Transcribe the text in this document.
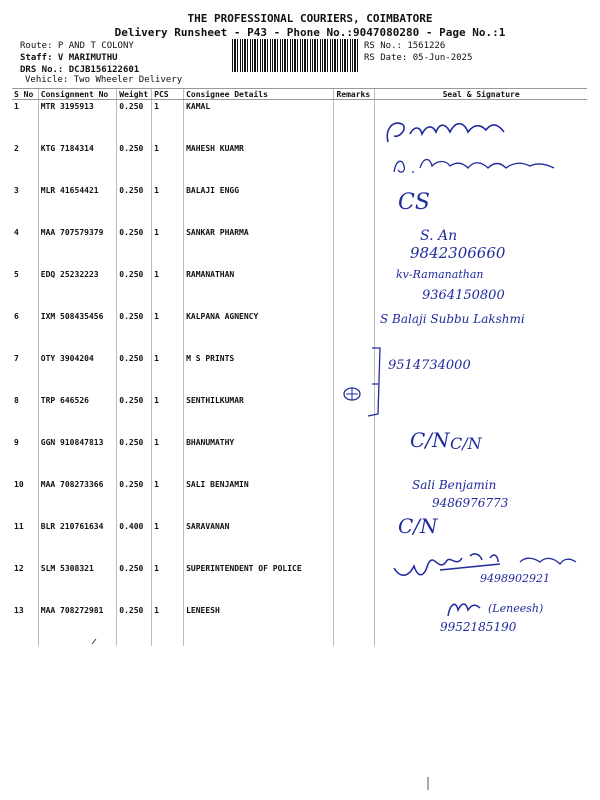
THE PROFESSIONAL COURIERS, COIMBATORE
Delivery Runsheet - P43 - Phone No.:9047080280 - Page No.:1
Route: P AND T COLONY
Staff: V MARIMUTHU
DRS No.: DCJB156122601
Vehicle: Two Wheeler Delivery
RS No.: 1561226
RS Date: 05-Jun-2025
S No	Consignment No	Weight	PCS	Consignee Details	Remarks	Seal & Signature
1	MTR 3195913	0.250	1	KAMAL		
2	KTG 7184314	0.250	1	MAHESH KUAMR		
3	MLR 41654421	0.250	1	BALAJI ENGG		
4	MAA 707579379	0.250	1	SANKAR PHARMA		
5	EDQ 25232223	0.250	1	RAMANATHAN		
6	IXM 508435456	0.250	1	KALPANA AGNENCY		
7	OTY 3904204	0.250	1	M S PRINTS		
8	TRP 646526	0.250	1	SENTHILKUMAR		
9	GGN 910847813	0.250	1	BHANUMATHY		
10	MAA 708273366	0.250	1	SALI BENJAMIN		
11	BLR 210761634	0.400	1	SARAVANAN		
12	SLM 5308321	0.250	1	SUPERINTENDENT OF POLICE		
13	MAA 708272981	0.250	1	LENEESH		
CS
S. An
9842306660
kv-Ramanathan
9364150800
S Balaji Subbu Lakshmi
9514734000
C/N C/N
Sali Benjamin
9486976773
C/N
9498902921
(Leneesh)
9952185190
